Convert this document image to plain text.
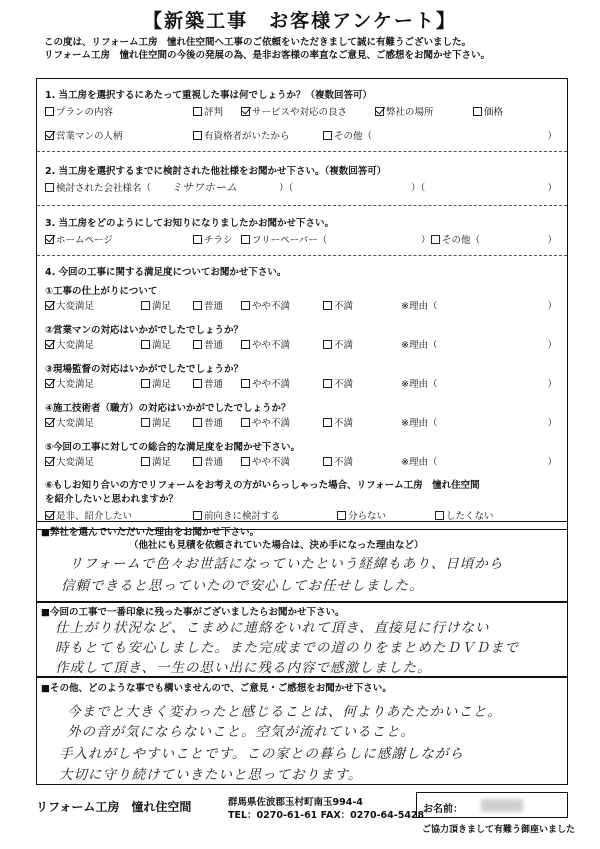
【新築工事　お客様アンケート】
この度は、リフォーム工房　憧れ住空間へ工事のご依頼をいただきまして誠に有難うございました。
リフォーム工房　憧れ住空間の今後の発展の為、是非お客様の率直なご意見、ご感想をお聞かせ下さい。
1. 当工房を選択するにあたって重視した事は何でしょうか？（複数回答可）
プランの内容	評判	サービスや対応の良さ	弊社の場所	価格
営業マンの人柄	有資格者がいたから	その他（	）
2. 当工房を選択するまでに検討された他社様をお聞かせ下さい。（複数回答可）
検討された会社様名（ ミサワホーム	）（	）（	）
3. 当工房をどのようにしてお知りになりましたかお聞かせ下さい。
ホームページ	チラシ フリーペーパー（	） その他（	）
4. 今回の工事に関する満足度についてお聞かせ下さい。
①工事の仕上がりについて
大変満足	満足	普通	やや不満	不満	※理由（	）
②営業マンの対応はいかがでしたでしょうか？
大変満足	満足	普通	やや不満	不満	※理由（	）
③現場監督の対応はいかがでしたでしょうか？
大変満足	満足	普通	やや不満	不満	※理由（	）
④施工技術者（職方）の対応はいかがでしたでしょうか？
大変満足	満足	普通	やや不満	不満	※理由（	）
⑤今回の工事に対しての総合的な満足度をお聞かせ下さい。
大変満足	満足	普通	やや不満	不満	※理由（	）
⑥もしお知り合いの方でリフォームをお考えの方がいらっしゃった場合、リフォーム工房　憧れ住空間
を紹介したいと思われますか？
是非、紹介したい	前向きに検討する	分らない	したくない
■弊社を選んでいただいた理由をお聞かせ下さい。
（他社にも見積を依頼されていた場合は、決め手になった理由など）
リフォームで色々お世話になっていたという経緯もあり、日頃から
信頼できると思っていたので安心してお任せしました。
■今回の工事で一番印象に残った事がございましたらお聞かせ下さい。
仕上がり状況など、こまめに連絡をいれて頂き、直接見に行けない
時もとても安心しました。また完成までの道のりをまとめたＤＶＤまで
作成して頂き、一生の思い出に残る内容で感激しました。
■その他、どのような事でも構いませんので、ご意見・ご感想をお聞かせ下さい。
今までと大きく変わったと感じることは、何よりあたたかいこと。
外の音が気にならないこと。空気が流れていること。
手入れがしやすいことです。この家との暮らしに感謝しながら
大切に守り続けていきたいと思っております。
リフォーム工房　憧れ住空間	群馬県佐波郡玉村町南玉994-4
TEL：0270-61-61 FAX：0270-64-5428
お名前：
ご協力頂きまして有難う御座いました
